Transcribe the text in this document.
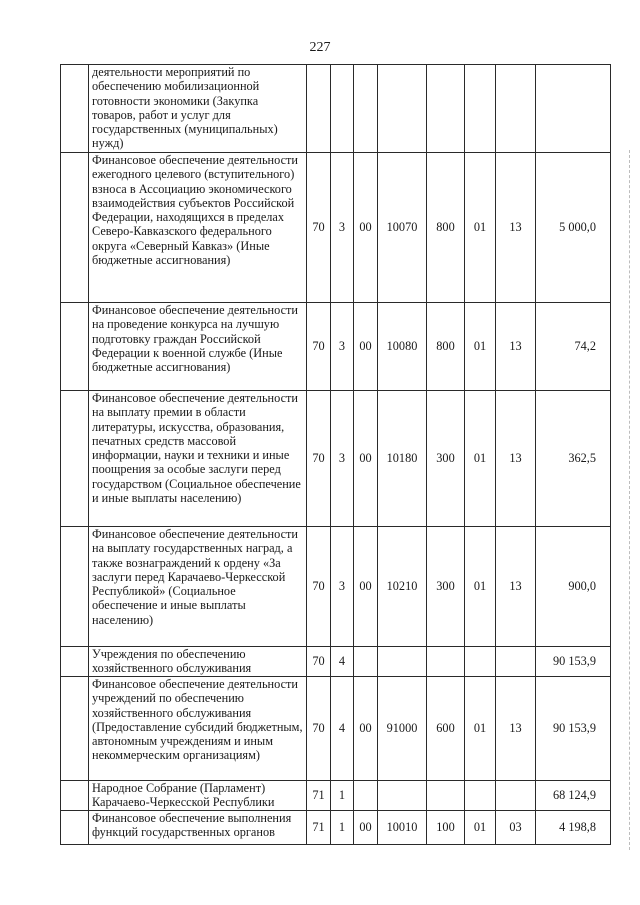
227
	деятельности мероприятий по обеспечению мобилизационной готовности экономики (Закупка товаров, работ и услуг для государственных (муниципальных) нужд)								
	Финансовое обеспечение деятельности ежегодного целевого (вступительного) взноса в Ассоциацию экономического взаимодействия субъектов Российской Федерации, находящихся в пределах Северо-Кавказского федерального округа «Северный Кавказ» (Иные бюджетные ассигнования)	70	3	00	10070	800	01	13	5 000,0
	Финансовое обеспечение деятельности на проведение конкурса на лучшую подготовку граждан Российской Федерации к военной службе (Иные бюджетные ассигнования)	70	3	00	10080	800	01	13	74,2
	Финансовое обеспечение деятельности на выплату премии в области литературы, искусства, образования, печатных средств массовой информации, науки и техники и иные поощрения за особые заслуги перед государством (Социальное обеспечение и иные выплаты населению)	70	3	00	10180	300	01	13	362,5
	Финансовое обеспечение деятельности на выплату государственных наград, а также вознаграждений к ордену «За заслуги перед Карачаево-Черкесской Республикой» (Социальное обеспечение и иные выплаты населению)	70	3	00	10210	300	01	13	900,0
	Учреждения по обеспечению хозяйственного обслуживания	70	4						90 153,9
	Финансовое обеспечение деятельности учреждений по обеспечению хозяйственного обслуживания (Предоставление субсидий бюджетным, автономным учреждениям и иным некоммерческим организациям)	70	4	00	91000	600	01	13	90 153,9
	Народное Собрание (Парламент) Карачаево-Черкесской Республики	71	1						68 124,9
	Финансовое обеспечение выполнения функций государственных органов	71	1	00	10010	100	01	03	4 198,8
